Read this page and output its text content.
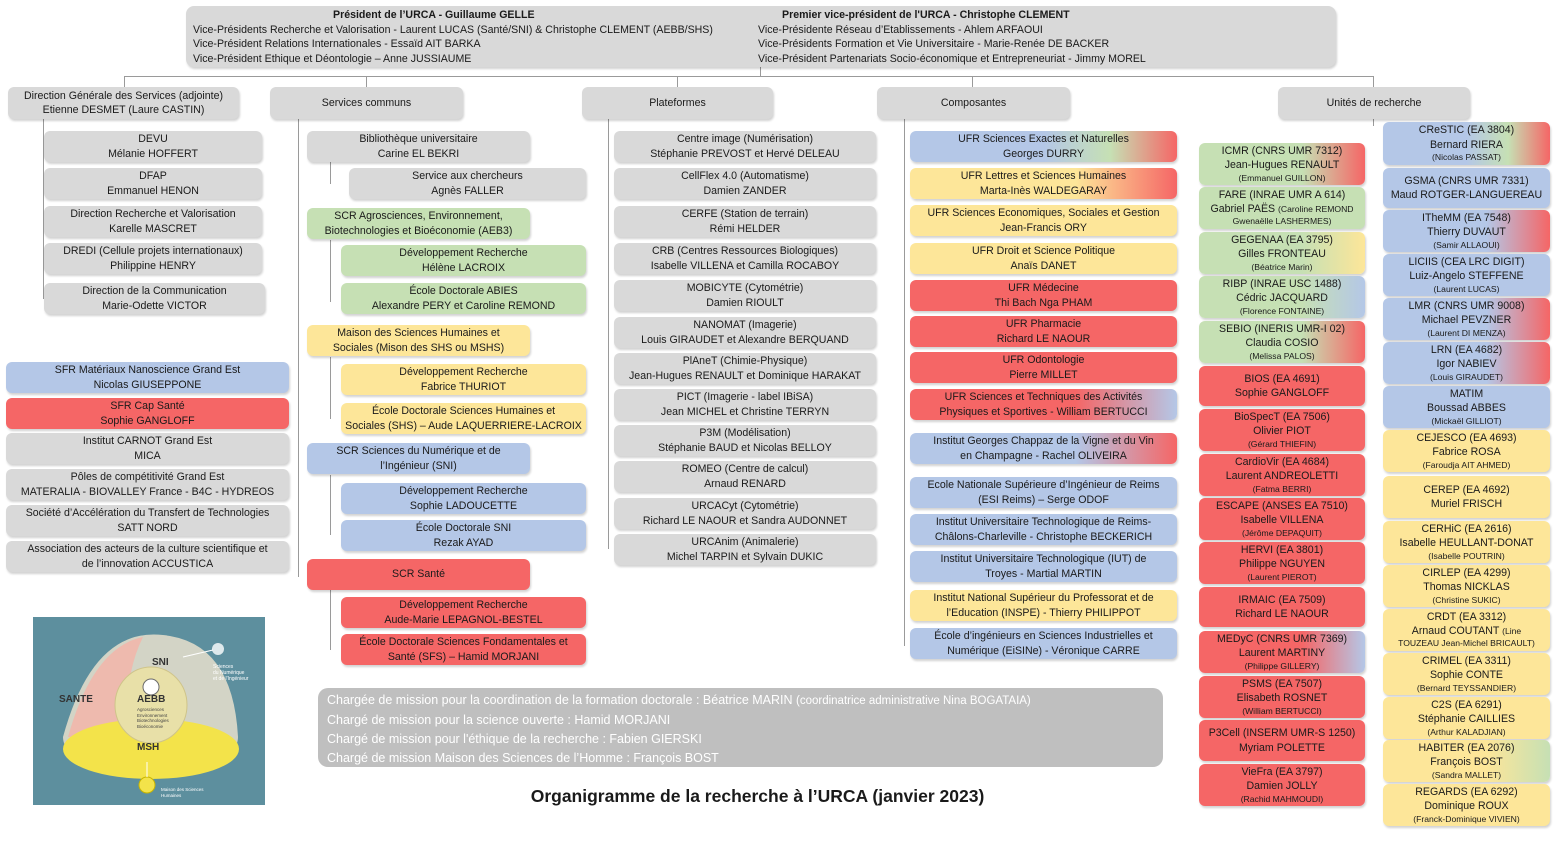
Président de l’URCA - Guillaume GELLE
Vice-Présidents Recherche et Valorisation - Laurent LUCAS (Santé/SNI) & Christophe CLEMENT (AEBB/SHS)
Vice-Président Relations Internationales - Essaïd AIT BARKA
Vice-Président Ethique et Déontologie – Anne JUSSIAUME
Premier vice-président de l'URCA - Christophe CLEMENT
Vice-Présidente Réseau d’Etablissements - Ahlem ARFAOUI
Vice-Présidents Formation et Vie Universitaire - Marie-Renée DE BACKER
Vice-Président Partenariats Socio-économique et Entrepreneuriat - Jimmy MOREL
Direction Générale des Services (adjointe)
Etienne DESMET (Laure CASTIN)
DEVU
Mélanie HOFFERT
DFAP
Emmanuel HENON
Direction Recherche et Valorisation
Karelle MASCRET
DREDI (Cellule projets internationaux)
Philippine HENRY
Direction de la Communication
Marie-Odette VICTOR
SFR Matériaux Nanoscience Grand Est
Nicolas GIUSEPPONE
SFR Cap Santé
Sophie GANGLOFF
Institut CARNOT Grand Est
MICA
Pôles de compétitivité Grand Est
MATERALIA - BIOVALLEY France - B4C - HYDREOS
Société d’Accélération du Transfert de Technologies
SATT NORD
Association des acteurs de la culture scientifique et
de l’innovation ACCUSTICA
Services communs
Bibliothèque universitaire
Carine EL BEKRI
Service aux chercheurs
Agnès FALLER
SCR Agrosciences, Environnement,
Biotechnologies et Bioéconomie (AEB3)
Développement Recherche
Hélène LACROIX
École Doctorale ABIES
Alexandre PERY et Caroline REMOND
Maison des Sciences Humaines et
Sociales (Mison des SHS ou MSHS)
Développement Recherche
Fabrice THURIOT
École Doctorale Sciences Humaines et
Sociales (SHS) – Aude LAQUERRIERE-LACROIX
SCR Sciences du Numérique et de
l’Ingénieur (SNI)
Développement Recherche
Sophie LADOUCETTE
École Doctorale SNI
Rezak AYAD
SCR Santé
Développement Recherche
Aude-Marie LEPAGNOL-BESTEL
École Doctorale Sciences Fondamentales et
Santé (SFS) – Hamid MORJANI
Plateformes
Centre image (Numérisation)
Stéphanie PREVOST et Hervé DELEAU
CellFlex 4.0 (Automatisme)
Damien ZANDER
CERFE (Station de terrain)
Rémi HELDER
CRB (Centres Ressources Biologiques)
Isabelle VILLENA et Camilla ROCABOY
MOBICYTE (Cytométrie)
Damien RIOULT
NANOMAT (Imagerie)
Louis GIRAUDET et Alexandre BERQUAND
PlAneT (Chimie-Physique)
Jean-Hugues RENAULT et Dominique HARAKAT
PICT (Imagerie - label IBiSA)
Jean MICHEL et Christine TERRYN
P3M (Modélisation)
Stéphanie BAUD et Nicolas BELLOY
ROMEO (Centre de calcul)
Arnaud RENARD
URCACyt (Cytométrie)
Richard LE NAOUR et Sandra AUDONNET
URCAnim (Animalerie)
Michel TARPIN et Sylvain DUKIC
Composantes
UFR Sciences Exactes et Naturelles
Georges DURRY
UFR Lettres et Sciences Humaines
Marta-Inès WALDEGARAY
UFR Sciences Economiques, Sociales et Gestion
Jean-Francis ORY
UFR Droit et Science Politique
Anaïs DANET
UFR Médecine
Thi Bach Nga PHAM
UFR Pharmacie
Richard LE NAOUR
UFR Odontologie
Pierre MILLET
UFR Sciences et Techniques des Activités
Physiques et Sportives - William BERTUCCI
Institut Georges Chappaz de la Vigne et du Vin
en Champagne - Rachel OLIVEIRA
Ecole Nationale Supérieure d’Ingénieur de Reims
(ESI Reims) – Serge ODOF
Institut Universitaire Technologique de Reims-
Châlons-Charleville - Christophe BECKERICH
Institut Universitaire Technologique (IUT) de
Troyes - Martial MARTIN
Institut National Supérieur du Professorat et de
l’Education (INSPE) - Thierry PHILIPPOT
École d’ingénieurs en Sciences Industrielles et
Numérique (EiSINe) - Véronique CARRE
Unités de recherche
ICMR (CNRS UMR 7312)
Jean-Hugues RENAULT
(Emmanuel GUILLON)
FARE (INRAE UMR A 614)
Gabriel PAËS (Caroline REMOND
Gwenaëlle LASHERMES)
GEGENAA (EA 3795)
Gilles FRONTEAU
(Béatrice Marin)
RIBP (INRAE USC 1488)
Cédric JACQUARD
(Florence FONTAINE)
SEBIO (INERIS UMR-I 02)
Claudia COSIO
(Melissa PALOS)
BIOS (EA 4691)
Sophie GANGLOFF
BioSpecT (EA 7506)
Olivier PIOT
(Gérard THIEFIN)
CardioVir (EA 4684)
Laurent ANDREOLETTI
(Fatma BERRI)
ESCAPE (ANSES EA 7510)
Isabelle VILLENA
(Jérôme DEPAQUIT)
HERVI (EA 3801)
Philippe NGUYEN
(Laurent PIEROT)
IRMAIC (EA 7509)
Richard LE NAOUR
MEDyC (CNRS UMR 7369)
Laurent MARTINY
(Philippe GILLERY)
PSMS (EA 7507)
Elisabeth ROSNET
(William BERTUCCI)
P3Cell (INSERM UMR-S 1250)
Myriam POLETTE
VieFra (EA 3797)
Damien JOLLY
(Rachid MAHMOUDI)
CReSTIC (EA 3804)
Bernard RIERA
(Nicolas PASSAT)
GSMA (CNRS UMR 7331)
Maud ROTGER-LANGUEREAU
ITheMM (EA 7548)
Thierry DUVAUT
(Samir ALLAOUI)
LICIIS (CEA LRC DIGIT)
Luiz-Angelo STEFFENE
(Laurent LUCAS)
LMR (CNRS UMR 9008)
Michael PEVZNER
(Laurent DI MENZA)
LRN (EA 4682)
Igor NABIEV
(Louis GIRAUDET)
MATIM
Boussad ABBES
(Mickaël GILLIOT)
CEJESCO (EA 4693)
Fabrice ROSA
(Faroudja AIT AHMED)
CEREP (EA 4692)
Muriel FRISCH
CERHiC (EA 2616)
Isabelle HEULLANT-DONAT
(Isabelle POUTRIN)
CIRLEP (EA 4299)
Thomas NICKLAS
(Christine SUKIC)
CRDT (EA 3312)
Arnaud COUTANT (Line
TOUZEAU Jean-Michel BRICAULT)
CRIMEL (EA 3311)
Sophie CONTE
(Bernard TEYSSANDIER)
C2S (EA 6291)
Stéphanie CAILLIES
(Arthur KALADJIAN)
HABITER (EA 2076)
François BOST
(Sandra MALLET)
REGARDS (EA 6292)
Dominique ROUX
(Franck-Dominique VIVIEN)
Chargée de mission pour la coordination de la formation doctorale : Béatrice MARIN (coordinatrice administrative Nina BOGATAIA)
Chargé de mission pour la science ouverte : Hamid MORJANI
Chargé de mission pour l'éthique de la recherche : Fabien GIERSKI
Chargé de mission Maison des Sciences de l’Homme : François BOST
SNI	Sciences
du Numérique
et de l'Ingénieur
SANTE	AEBB
Agrosciences
Environnement
Biotechnologies
Bioéconomie
MSH
Maison des Sciences
Humaines	Organigramme de la recherche à l’URCA (janvier 2023)
